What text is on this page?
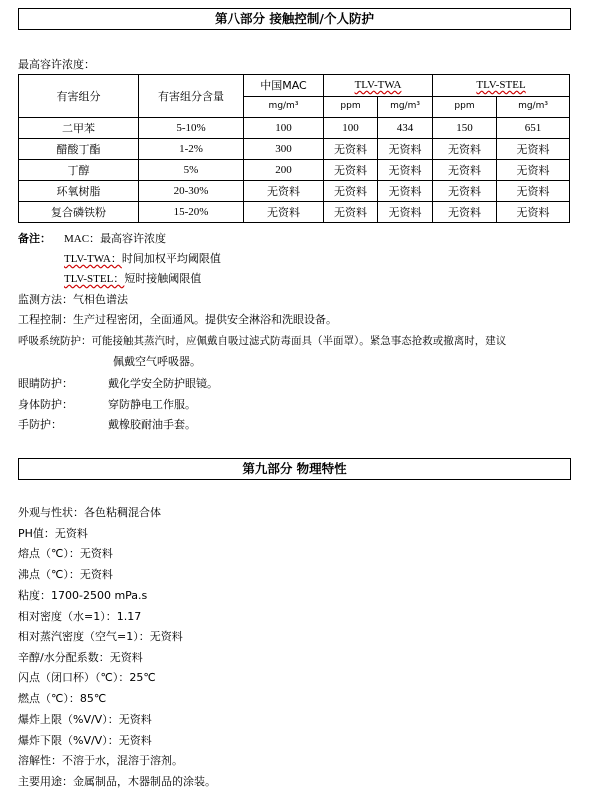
第八部分 接触控制/个人防护
最高容许浓度：
有害组分	有害组分含量	中国MAC	TLV-TWA		TLV-STEL	
		mg/m³	ppm	mg/m³	ppm	mg/m³
二甲苯	5-10%	100	100	434	150	651
醋酸丁酯	1-2%	300	无资料	无资料	无资料	无资料
丁醇	5%	200	无资料	无资料	无资料	无资料
环氧树脂	20-30%	无资料	无资料	无资料	无资料	无资料
复合磷铁粉	15-20%	无资料	无资料	无资料	无资料	无资料
备注： MAC：最高容许浓度
TLV-TWA：时间加权平均阈限值
TLV-STEL：短时接触阈限值
监测方法：气相色谱法
工程控制：生产过程密闭，全面通风。提供安全淋浴和洗眼设备。
呼吸系统防护：可能接触其蒸汽时，应佩戴自吸过滤式防毒面具（半面罩）。紧急事态抢救或撤离时，建议
佩戴空气呼吸器。
眼睛防护：	戴化学安全防护眼镜。
身体防护：	穿防静电工作服。
手防护：	戴橡胶耐油手套。
第九部分 物理特性
外观与性状：各色粘稠混合体
PH值：无资料
熔点（℃）：无资料
沸点（℃）：无资料
粘度：1700-2500 mPa.s
相对密度（水=1）：1.17
相对蒸汽密度（空气=1）：无资料
辛醇/水分配系数：无资料
闪点（闭口杯）（℃）：25℃
燃点（℃）：85℃
爆炸上限（%V/V）：无资料
爆炸下限（%V/V）：无资料
溶解性：不溶于水，混溶于溶剂。
主要用途：金属制品，木器制品的涂装。
